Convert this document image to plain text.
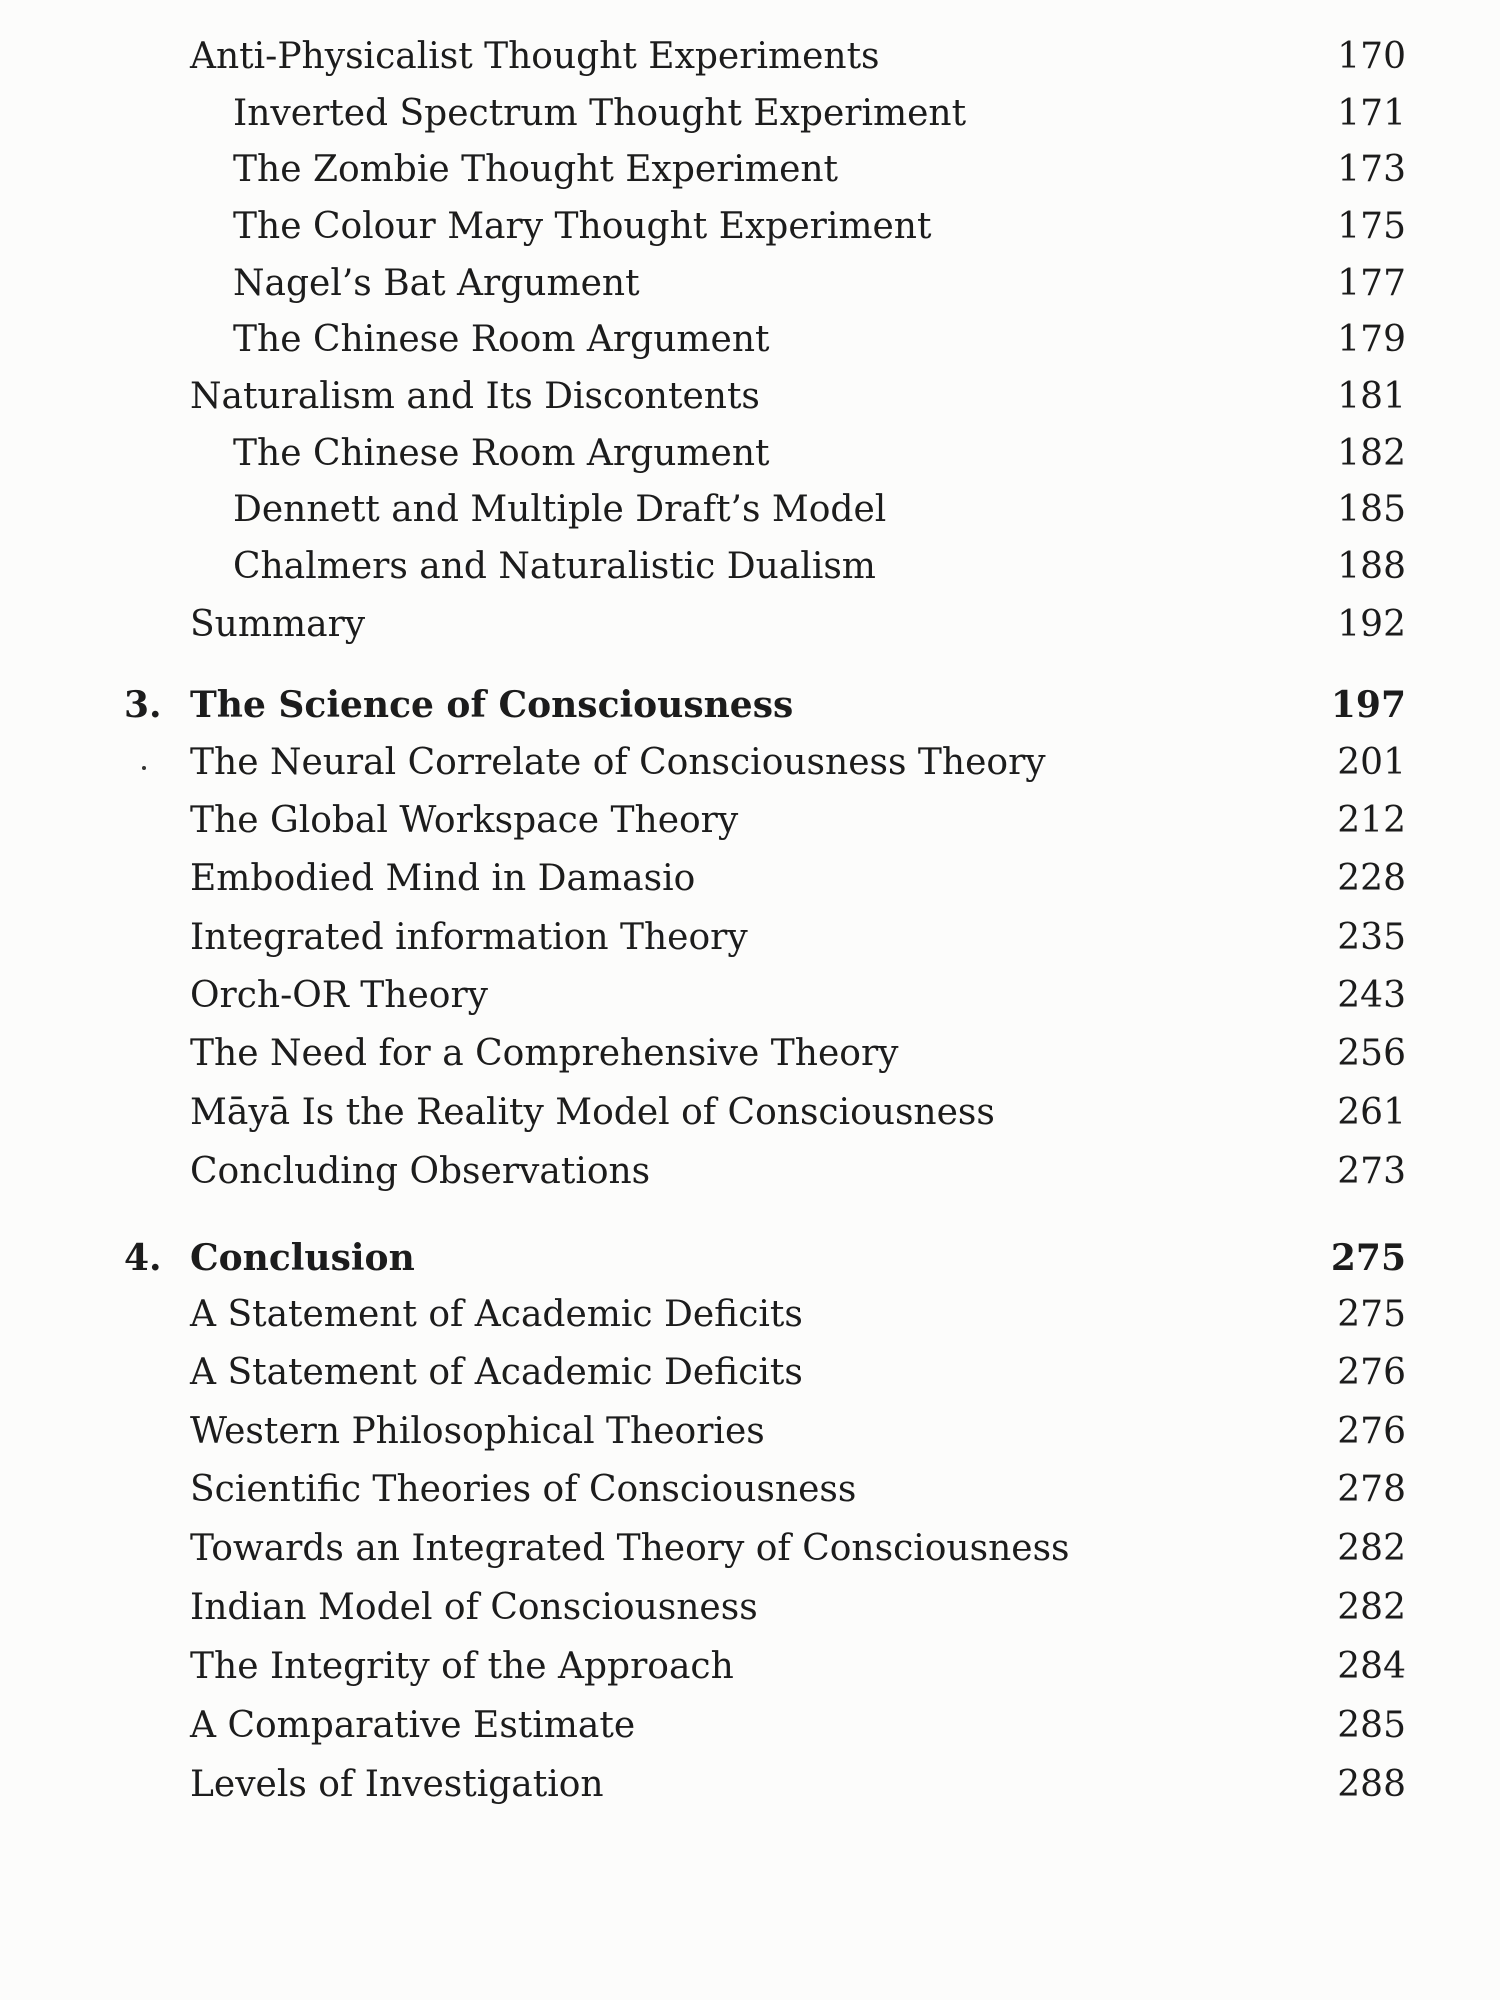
Anti-Physicalist Thought Experiments	170
Inverted Spectrum Thought Experiment	171
The Zombie Thought Experiment	173
The Colour Mary Thought Experiment	175
Nagel’s Bat Argument	177
The Chinese Room Argument	179
Naturalism and Its Discontents	181
The Chinese Room Argument	182
Dennett and Multiple Draft’s Model	185
Chalmers and Naturalistic Dualism	188
Summary	192
3. The Science of Consciousness	197
The Neural Correlate of Consciousness Theory	201
The Global Workspace Theory	212
Embodied Mind in Damasio	228
Integrated information Theory	235
Orch-OR Theory	243
The Need for a Comprehensive Theory	256
Māyā Is the Reality Model of Consciousness	261
Concluding Observations	273
4. Conclusion	275
A Statement of Academic Deficits	275
A Statement of Academic Deficits	276
Western Philosophical Theories	276
Scientific Theories of Consciousness	278
Towards an Integrated Theory of Consciousness	282
Indian Model of Consciousness	282
The Integrity of the Approach	284
A Comparative Estimate	285
Levels of Investigation	288
